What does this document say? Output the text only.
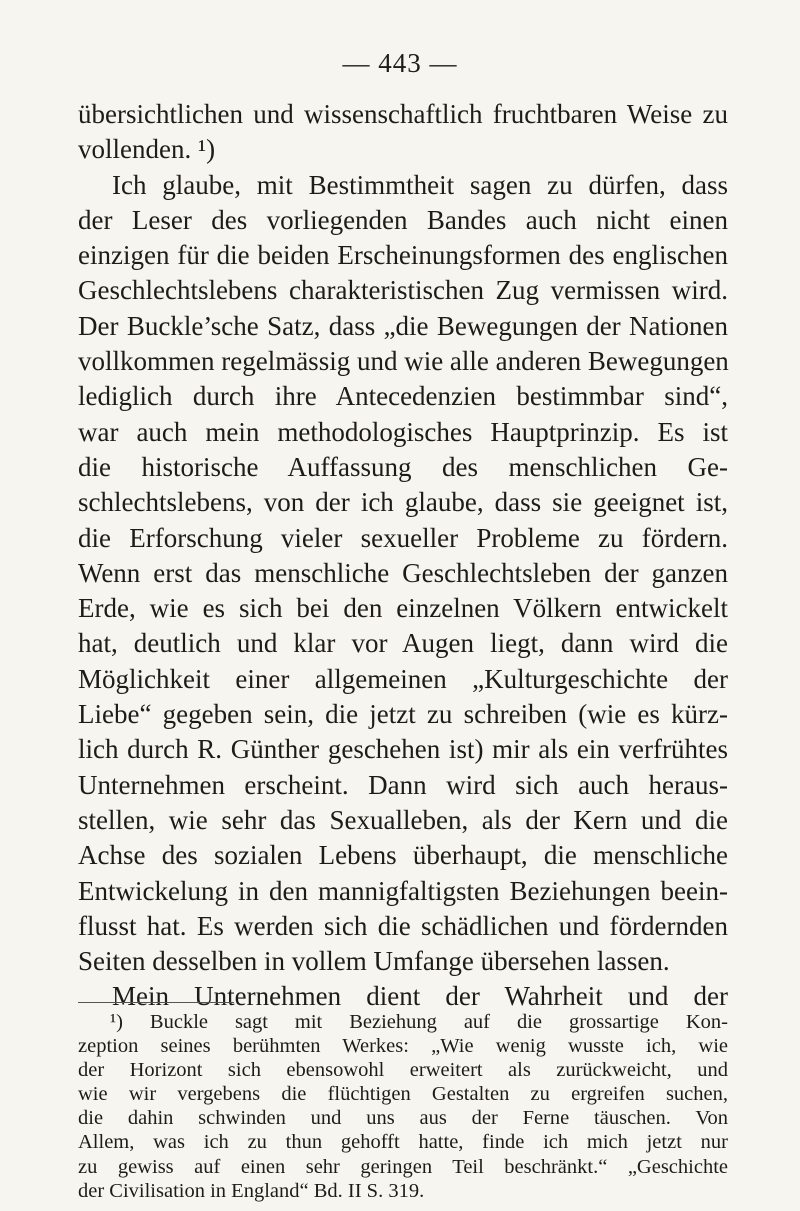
— 443 —
übersichtlichen und wissenschaftlich fruchtbaren Weise zu
vollenden. ¹)
Ich glaube, mit Bestimmtheit sagen zu dürfen, dass
der Leser des vorliegenden Bandes auch nicht einen
einzigen für die beiden Erscheinungsformen des englischen
Geschlechtslebens charakteristischen Zug vermissen wird.
Der Buckle’sche Satz, dass „die Bewegungen der Nationen
vollkommen regelmässig und wie alle anderen Bewegungen
lediglich durch ihre Antecedenzien bestimmbar sind“,
war auch mein methodologisches Hauptprinzip. Es ist
die historische Auffassung des menschlichen Ge-
schlechtslebens, von der ich glaube, dass sie geeignet ist,
die Erforschung vieler sexueller Probleme zu fördern.
Wenn erst das menschliche Geschlechtsleben der ganzen
Erde, wie es sich bei den einzelnen Völkern entwickelt
hat, deutlich und klar vor Augen liegt, dann wird die
Möglichkeit einer allgemeinen „Kulturgeschichte der
Liebe“ gegeben sein, die jetzt zu schreiben (wie es kürz-
lich durch R. Günther geschehen ist) mir als ein verfrühtes
Unternehmen erscheint. Dann wird sich auch heraus-
stellen, wie sehr das Sexualleben, als der Kern und die
Achse des sozialen Lebens überhaupt, die menschliche
Entwickelung in den mannigfaltigsten Beziehungen beein-
flusst hat. Es werden sich die schädlichen und fördernden
Seiten desselben in vollem Umfange übersehen lassen.
Mein Unternehmen dient der Wahrheit und der
¹) Buckle sagt mit Beziehung auf die grossartige Kon-
zeption seines berühmten Werkes: „Wie wenig wusste ich, wie
der Horizont sich ebensowohl erweitert als zurückweicht, und
wie wir vergebens die flüchtigen Gestalten zu ergreifen suchen,
die dahin schwinden und uns aus der Ferne täuschen. Von
Allem, was ich zu thun gehofft hatte, finde ich mich jetzt nur
zu gewiss auf einen sehr geringen Teil beschränkt.“ „Geschichte
der Civilisation in England“ Bd. II S. 319.
